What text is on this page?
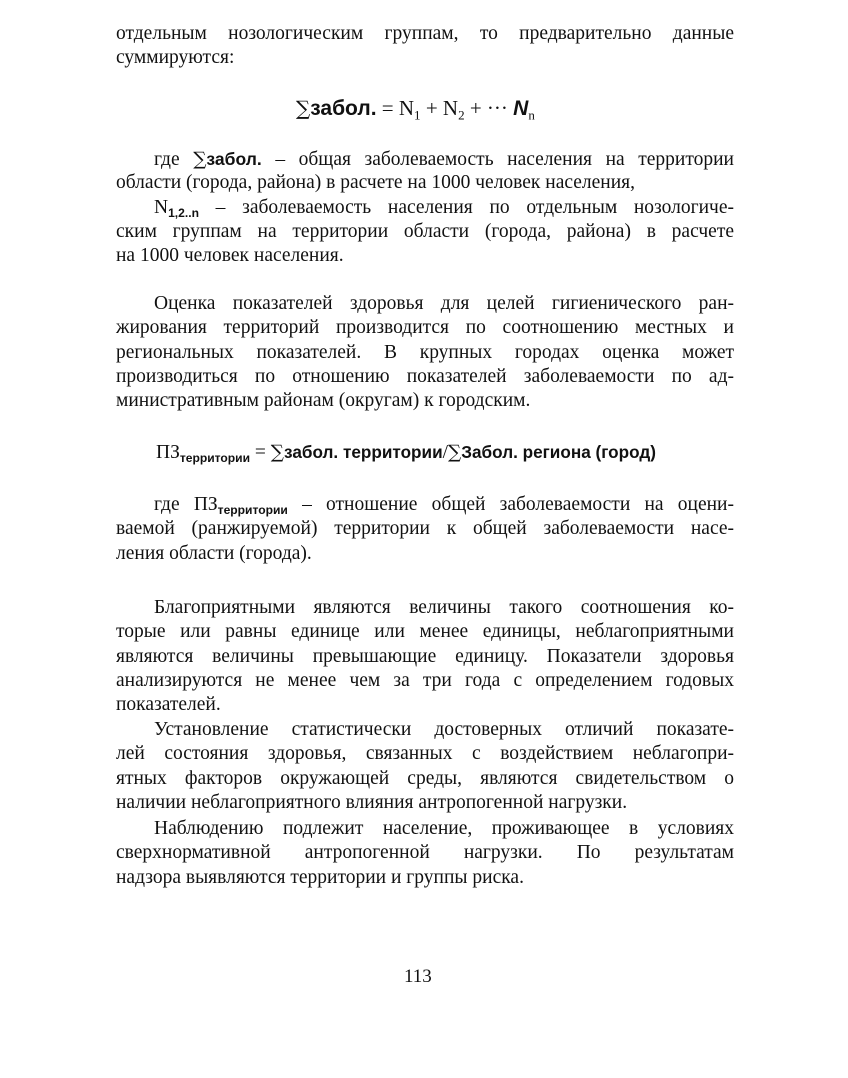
отдельным нозологическим группам, то предварительно данные
суммируются:
∑забол. = $N_1 + N_2$ + ··· $N_n$
где ∑забол. – общая заболеваемость населения на территории
области (города, района) в расчете на 1000 человек населения,
$N_{1,2..n}$ – заболеваемость населения по отдельным нозологиче-
ским группам на территории области (города, района) в расчете
на 1000 человек населения.
Оценка показателей здоровья для целей гигиенического ран-
жирования территорий производится по соотношению местных и
региональных показателей. В крупных городах оценка может
производиться по отношению показателей заболеваемости по ад-
министративным районам (округам) к городским.
$ПЗ_{территории}$ = ∑забол. территории/∑Забол. региона (город)
где $ПЗ_{территории}$ – отношение общей заболеваемости на оцени-
ваемой (ранжируемой) территории к общей заболеваемости насе-
ления области (города).
Благоприятными являются величины такого соотношения ко-
торые или равны единице или менее единицы, неблагоприятными
являются величины превышающие единицу. Показатели здоровья
анализируются не менее чем за три года с определением годовых
показателей.
Установление статистически достоверных отличий показате-
лей состояния здоровья, связанных с воздействием неблагопри-
ятных факторов окружающей среды, являются свидетельством о
наличии неблагоприятного влияния антропогенной нагрузки.
Наблюдению подлежит население, проживающее в условиях
сверхнормативной антропогенной нагрузки. По результатам
надзора выявляются территории и группы риска.
113
